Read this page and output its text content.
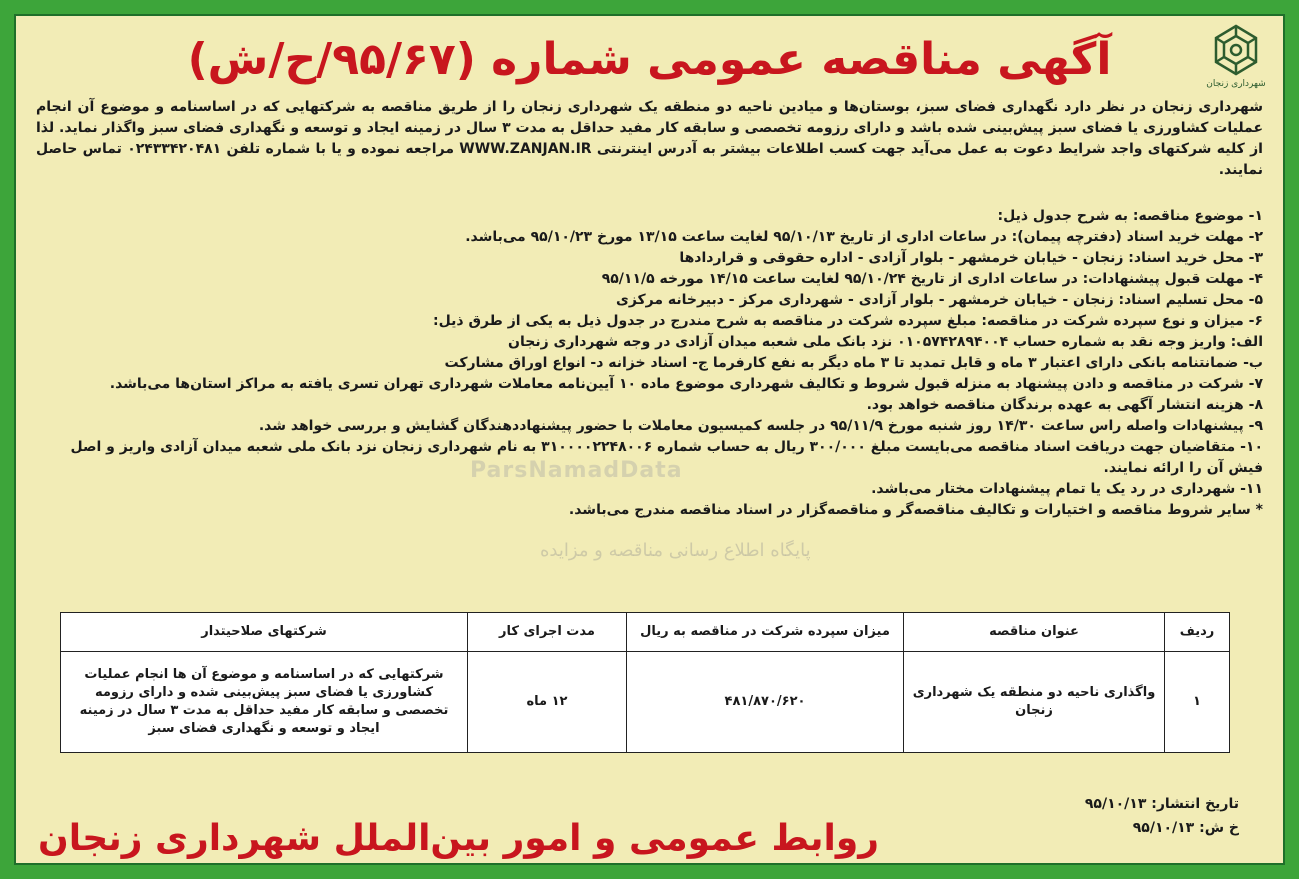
شهرداری زنجان
آگهی مناقصه عمومی شماره (۹۵/۶۷/ح/ش)
شهرداری زنجان در نظر دارد نگهداری فضای سبز، بوستان‌ها و میادین ناحیه دو منطقه یک شهرداری زنجان را از طریق مناقصه به شرکتهایی که در اساسنامه و موضوع آن انجام عملیات کشاورزی یا فضای سبز پیش‌بینی شده باشد و دارای رزومه تخصصی و سابقه کار مفید حداقل به مدت ۳ سال در زمینه ایجاد و توسعه و نگهداری فضای سبز واگذار نماید. لذا از کلیه شرکتهای واجد شرایط دعوت به عمل می‌آید جهت کسب اطلاعات بیشتر به آدرس اینترنتی WWW.ZANJAN.IR مراجعه نموده و یا با شماره تلفن ۰۲۴۳۳۴۲۰۴۸۱ تماس حاصل نمایند.
۱- موضوع مناقصه: به شرح جدول ذیل:
۲- مهلت خرید اسناد (دفترچه پیمان): در ساعات اداری از تاریخ ۹۵/۱۰/۱۳ لغایت ساعت ۱۳/۱۵ مورخ ۹۵/۱۰/۲۳ می‌باشد.
۳- محل خرید اسناد: زنجان - خیابان خرمشهر - بلوار آزادی - اداره حقوقی و قراردادها
۴- مهلت قبول پیشنهادات: در ساعات اداری از تاریخ ۹۵/۱۰/۲۴ لغایت ساعت ۱۴/۱۵ مورخه ۹۵/۱۱/۵
۵- محل تسلیم اسناد: زنجان - خیابان خرمشهر - بلوار آزادی - شهرداری مرکز - دبیرخانه مرکزی
۶- میزان و نوع سپرده شرکت در مناقصه: مبلغ سپرده شرکت در مناقصه به شرح مندرج در جدول ذیل به یکی از طرق ذیل:
الف: واریز وجه نقد به شماره حساب ۰۱۰۵۷۴۲۸۹۴۰۰۴ نزد بانک ملی شعبه میدان آزادی در وجه شهرداری زنجان
ب- ضمانتنامه بانکی دارای اعتبار ۳ ماه و قابل تمدید تا ۳ ماه دیگر به نفع کارفرما ج- اسناد خزانه د- انواع اوراق مشارکت
۷- شرکت در مناقصه و دادن پیشنهاد به منزله قبول شروط و تکالیف شهرداری موضوع ماده ۱۰ آیین‌نامه معاملات شهرداری تهران تسری یافته به مراکز استان‌ها می‌باشد.
۸- هزینه انتشار آگهی به عهده برندگان مناقصه خواهد بود.
۹- پیشنهادات واصله راس ساعت ۱۴/۳۰ روز شنبه مورخ ۹۵/۱۱/۹ در جلسه کمیسیون معاملات با حضور پیشنهاددهندگان گشایش و بررسی خواهد شد.
۱۰- متقاضیان جهت دریافت اسناد مناقصه می‌بایست مبلغ ۳۰۰/۰۰۰ ریال به حساب شماره ۳۱۰۰۰۰۲۲۴۸۰۰۶ به نام شهرداری زنجان نزد بانک ملی شعبه میدان آزادی واریز و اصل فیش آن را ارائه نمایند.
۱۱- شهرداری در رد یک یا تمام پیشنهادات مختار می‌باشد.
* سایر شروط مناقصه و اختیارات و تکالیف مناقصه‌گر و مناقصه‌گزار در اسناد مناقصه مندرج می‌باشد.
ParsNamadData
پایگاه اطلاع رسانی مناقصه و مزایده
ردیف	عنوان مناقصه	میزان سپرده شرکت در مناقصه به ریال	مدت اجرای کار	شرکتهای صلاحیتدار
۱	واگذاری ناحیه دو منطقه یک شهرداری زنجان	۴۸۱/۸۷۰/۶۲۰	۱۲ ماه	شرکتهایی که در اساسنامه و موضوع آن ها انجام عملیات کشاورزی یا فضای سبز پیش‌بینی شده و دارای رزومه تخصصی و سابقه کار مفید حداقل به مدت ۳ سال در زمینه ایجاد و توسعه و نگهداری فضای سبز
تاریخ انتشار: ۹۵/۱۰/۱۳
خ ش: ۹۵/۱۰/۱۳
روابط عمومی و امور بین‌الملل شهرداری زنجان
